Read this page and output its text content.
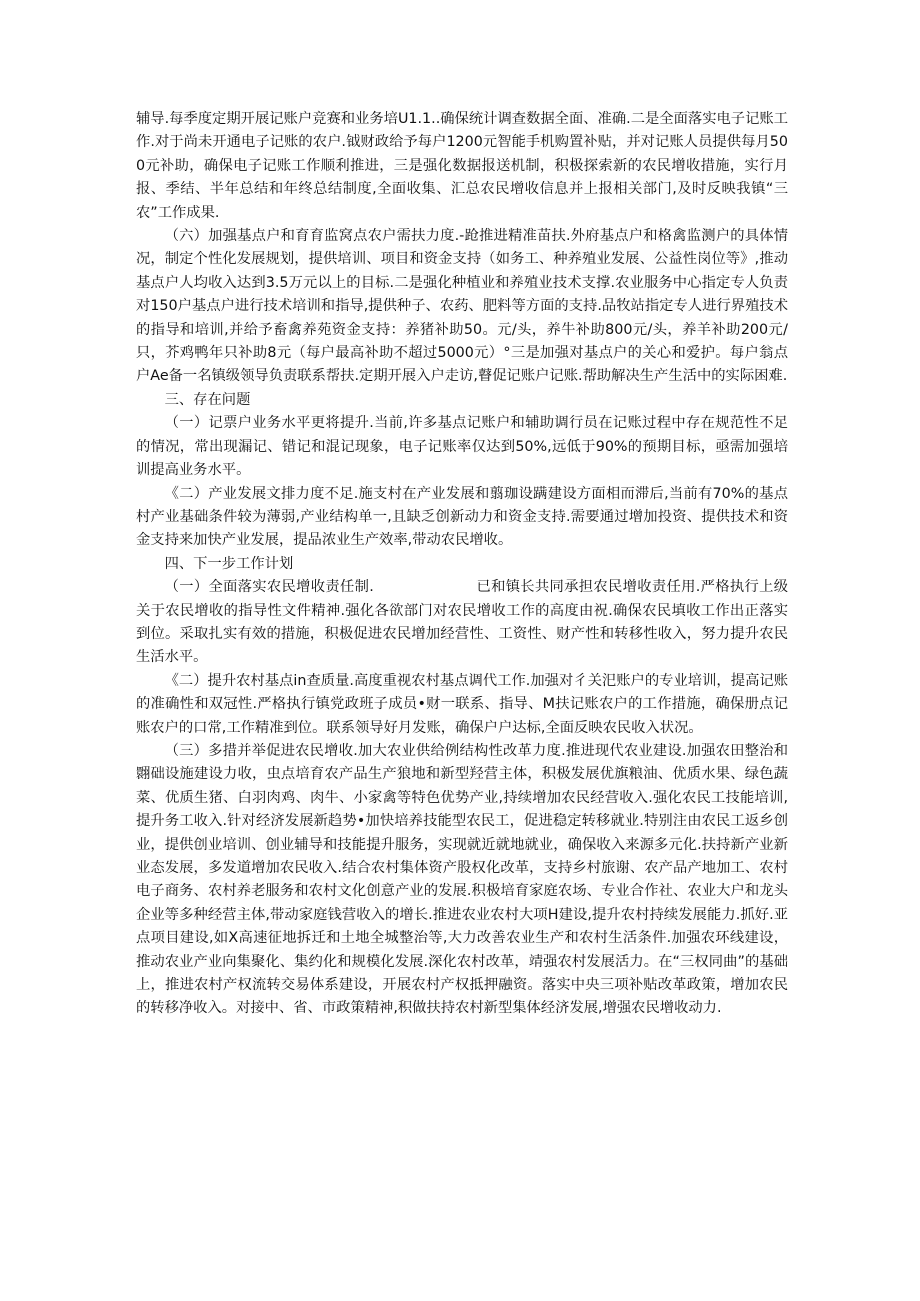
辅导.每季度定期开展记账户竞赛和业务培U1.1..确保统计调查数据全面、准确.二是全面落实电子记账工作.对于尚未开通电子记账的农户.钺财政给予每户1200元智能手机购置补贴，并对记账人员提供每月500元补助，确保电子记账工作顺利推进，三是强化数据报送机制，积极探索新的农民增收措施，实行月报、季结、半年总结和年终总结制度,全面收集、汇总农民增收信息并上报相关部门,及时反映我镇“三农”工作成果.

（六）加强基点户和育育监窝点农户需扶力度.-跄推进精准苗扶.外府基点户和格禽监测户的具体情况，制定个性化发展规划，提供培训、项目和资金支持（如务工、种养殖业发展、公益性岗位等》,推动基点户人均收入达到3.5万元以上的目标.二是强化种植业和养殖业技术支撑.农业服务中心指定专人负责对150户基点户进行技术培训和指导,提供种子、农药、肥料等方面的支持.品牧站指定专人进行界殖技术的指导和培训,并给予畜禽养苑资金支持：养猪补助50。元/头，养牛补助800元/头，养羊补助200元/只，芥鸡鸭年只补助8元（每户最高补助不超过5000元）°三是加强对基点户的关心和爱护。每户翁点户Ae备一名镇级领导负责联系帮扶.定期开展入户走访,瞽促记账户记账.帮助解决生产生活中的实际困难.

三、存在问题

（一）记票户业务水平更将提升.当前,许多基点记账户和辅助调行员在记账过程中存在规范性不足的情况，常出现漏记、错记和混记现象，电子记账率仅达到50%,远低于90%的预期目标，亟需加强培训提高业务水平。

《二）产业发展文排力度不足.施支村在产业发展和翦珈设蹒建设方面相而滞后,当前有70%的基点村产业基础条件较为薄弱,产业结构单一,且缺乏创新动力和资金支持.需要通过增加投资、提供技术和资金支持来加快产业发展，提品浓业生产效率,带动农民增收。

四、下一步工作计划

（一）全面落实农民增收责任制.　　　　　　　已和镇长共同承担农民增收责任用.严格执行上级关于农民增收的指导性文件精神.强化各欲部门对农民增收工作的高度由祝.确保农民填收工作出正落实到位。采取扎实有效的措施，积极促进农民增加经营性、工资性、财产性和转移性收入，努力提升农民生活水平。

《二）提升农村基点in查质量.高度重视农村基点调代工作.加强对彳关汜账户的专业培训，提高记账的准确性和双冠性.严格执行镇党政班子成员•财一联系、指导、M扶记账农户的工作措施，确保册点记账农户的口常,工作精准到位。联系领导好月发账，确保户户达标,全面反映农民收入状况。

（三）多措并举促进农民增收.加大农业供给例结构性改革力度.推进现代农业建设.加强农田整治和翾础设施建设力收，虫点培育农产品生产狼地和新型羟营主体，积极发展优旗粮油、优质水果、绿色蔬菜、优质生猪、白羽肉鸡、肉牛、小家禽等特色优势产业,持续增加农民经营收入.强化农民工技能培训,提升务工收入.针对经济发展新趋势•加快培养技能型农民工，促进稳定转移就业.特别注由农民工返乡创业，提供创业培训、创业辅导和技能提升服务，实现就近就地就业，确保收入来源多元化.扶持新产业新业态发展，多发道增加农民收入.结合农村集体资产股权化改革，支持乡村旅谢、农产品产地加工、农村电子商务、农村养老服务和农村文化创意产业的发展.积极培育家庭农场、专业合作社、农业大户和龙头企业等多种经营主体,带动家庭钱营收入的增长.推进农业农村大项H建设,提升农村持续发展能力.抓好.亚点项目建设,如X高速征地拆迁和土地全城整治等,大力改善农业生产和农村生活条件.加强农环线建设，推动农业产业向集聚化、集约化和规模化发展.深化农村改革，靖强农村发展活力。在“三权同曲”的基础上，推进农村产权流转交易体系建设，开展农村产权抵押融资。落实中央三项补贴改革政策，增加农民的转移净收入。对接中、省、市政策精神,积做扶持农村新型集体经济发展,增强农民增收动力.
